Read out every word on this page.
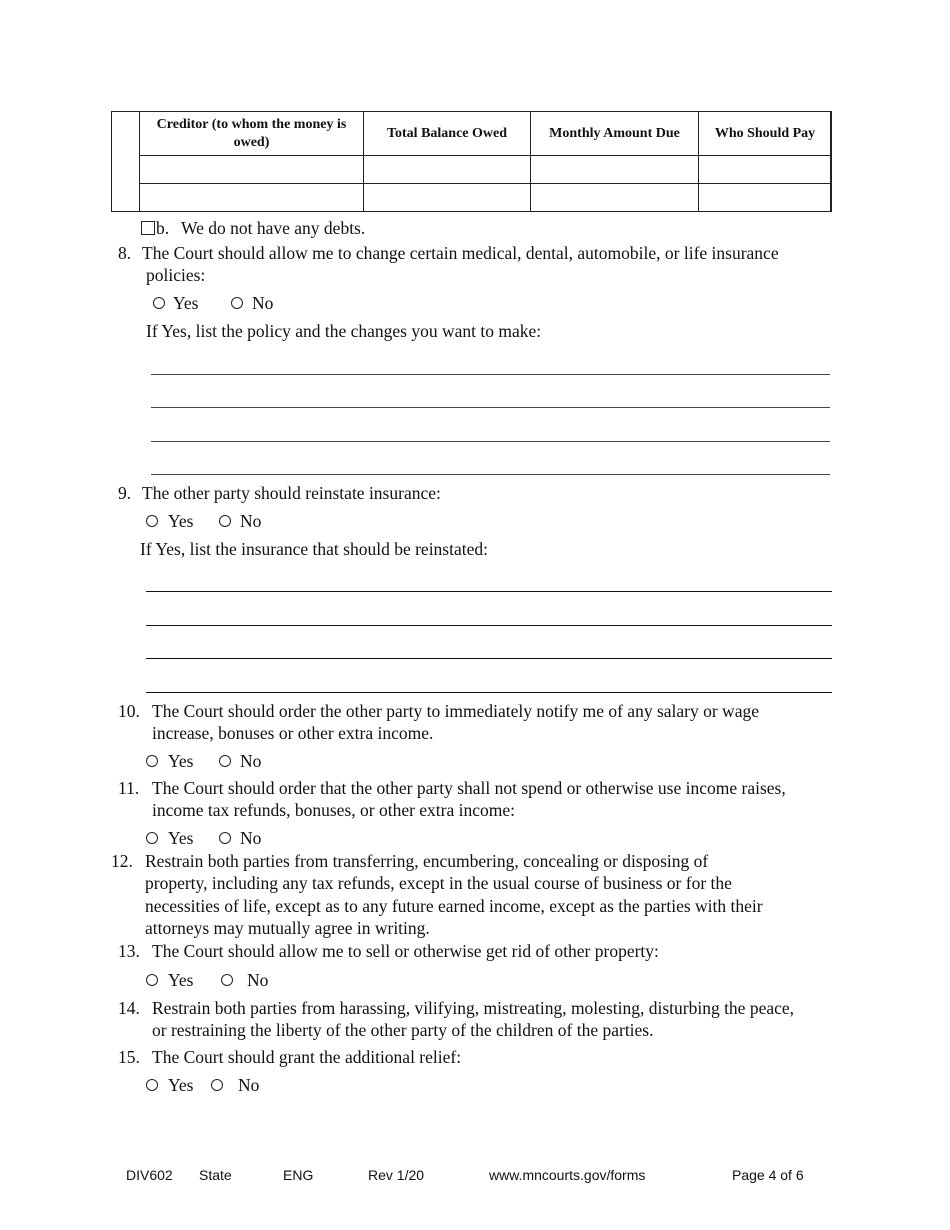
Creditor (to whom the money is owed)	Total Balance Owed	Monthly Amount Due	Who Should Pay

b. We do not have any debts.
8. The Court should allow me to change certain medical, dental, automobile, or life insurance
policies:
Yes	No
If Yes, list the policy and the changes you want to make:
9. The other party should reinstate insurance:
Yes	No
If Yes, list the insurance that should be reinstated:
10. The Court should order the other party to immediately notify me of any salary or wage
increase, bonuses or other extra income.
Yes	No
11. The Court should order that the other party shall not spend or otherwise use income raises,
income tax refunds, bonuses, or other extra income:
Yes	No
12. Restrain both parties from transferring, encumbering, concealing or disposing of
property, including any tax refunds, except in the usual course of business or for the
necessities of life, except as to any future earned income, except as the parties with their
attorneys may mutually agree in writing.
13. The Court should allow me to sell or otherwise get rid of other property:
Yes	No
14. Restrain both parties from harassing, vilifying, mistreating, molesting, disturbing the peace,
or restraining the liberty of the other party of the children of the parties.
15. The Court should grant the additional relief:
Yes	No
DIV602 State	ENG	Rev 1/20	www.mncourts.gov/forms	Page 4 of 6
